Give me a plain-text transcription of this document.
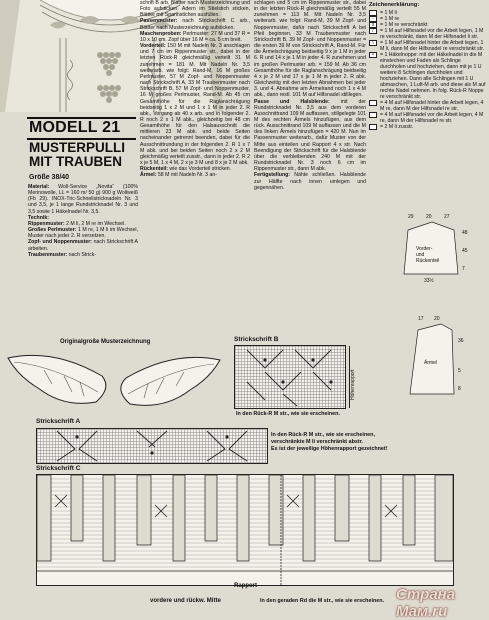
MODELL 21
MUSTERPULLI
MIT TRAUBEN
Größe 38/40

Material: Woll-Service „Novita“ (100% Merinowolle, LL = 160 m/ 50 g) 900 g Wollweiß (Fb 29). INOX-Tric-Schnellstricknadeln Nr. 3 und 3,5, je 1 lange Rundstricknadel Nr. 3 und 3,5 sowie 1 Häkelnadel Nr. 3,5.

Technik:

Rippenmuster: 2 M li, 2 M re im Wechsel.

Großes Perlmuster: 1 M re, 1 M li im Wechsel, Muster nach jeder 2. R versetzen.

Zopf- und Noppenmuster: nach Strickschrift A arbeiten.

Traubenmuster: nach Strick-

schrift B arb. Blätter nach Musterzeichnung und Foto aufsticken. Adern im Stielstich sticken, Blätter mit Spannstichen ausfüllen.

Passenmuster: nach Strickschrift C arb., Blätter nach Musterzeichnung aufsticken.

Maschenproben: Perlmuster: 27 M und 37 R = 10 x 10 cm. Zopf über 16 M = ca. 5 cm breit.

Vorderteil: 150 M mit Nadeln Nr. 3 anschlagen und 7 cm im Rippenmuster str., dabei in der letzten Rück-R gleichmäßig verteilt 31 M zunehmen = 181 M. Mit Nadeln Nr. 3,5 weiterarb. wie folgt: Rand-M, 16 M großes Perlmuster, 57 M Zopf- und Noppenmuster nach Strickschrift A, 33 M Traubenmuster nach Strickschrift B, 57 M Zopf- und Noppenmuster, 16 M großes Perlmuster, Rand-M. Ab 45 cm Gesamthöhe für die Raglanschrägung beidseitig 1 x 2 M und 1 x 1 M in jeder 2. R abk., Vorgang ab 40 x arb. und in folgender 2. R noch 2 x 1 M abk., gleichzeitig bei 48 cm Gesamthöhe für den Halsausschnitt die mittleren 23 M abk. und beide Seiten nacheinander getrennt beenden, dabei für die Ausschnittrundung in der folgenden 2. R 1 x 7 M abk. und bei beiden Seiten noch 2 x 2 M gleichmäßig verteilt zusstr., dann in jeder 2. R 2 x je 5 M, 1 x 4 M, 2 x je 3 M und 8 x je 2 M abk.

Rückenteil: wie das Vorderteil stricken.

Ärmel: 58 M mit Nadeln Nr. 3 an-

schlagen und 5 cm im Rippenmuster str., dabei in der letzten Rück-R gleichmäßig verteilt 55 M zunehmen = 113 M. Mit Nadeln Nr. 3,5 weiterarb. wie folgt: Rand-M, 39 M Zopf- und Noppenmuster, dafür nach Strickschrift A bei Pfeil beginnen, 33 M Traubenmuster nach Strickschrift B, 39 M Zopf- und Noppenmuster = die ersten 39 M von Strickschrift A, Rand-M. Für die Ärmelschrägung beidseitig 9 x je 1 M in jeder 6. R und 14 x je 1 M in jeder 4. R zunehmen und im großen Perlmuster arb. = 159 M. Ab 36 cm Gesamthöhe für die Raglanschrägung beidseitig 4 x je 2 M und 17 x je 1 M in jeder 2. R abk. Gleichzeitig mit den letzten Abnahmen bei jeder 3. und 4. Abnahme am Ärmelrand noch 1 x 4 M abk., dann restl. 101 M auf Hilfsnadel stilllegen.

Passe und Halsblende: mit der Rundstricknadel Nr. 3,5 aus dem vorderen Ausschnittrand 109 M auffassen, stillgelegte 101 M des rechten Ärmels hinzufügen, aus dem rück. Ausschnittrand 109 M auffassen und die M des linken Ärmels hinzufügen = 420 M. Nun im Passenmuster weiterarb., dafür Muster von der Mitte aus einteilen und Rapport 4 x str. Nach Beendigung der Strickschrift für die Halsblende über die verbleibenden 240 M mit der Rundstricknadel Nr. 3 noch 6 cm im Rippenmuster str., dann M abk.

Fertigstellung: Nähte schließen. Halsblende zur Hälfte nach innen umlegen und gegennähen.

Zeichenerklärung:
= 1 M li
-	= 1 M re
x	= 1 M re verschränkt
/	= 1 M auf Hilfsnadel vor die Arbeit legen, 1 M re verschränkt, dann M der Hilfsnadel li str.
\	= 1 M auf Hilfsnadel hinter die Arbeit legen, 1 M li, dann M der Hilfsnadel re verschränkt str.
•	= 1 Häkelnoppe: mit der Häkelnadel in die M einstechen und Faden als Schlinge durchholen und hochziehen, dann mit je 1 U weitere 8 Schlingen durchholen und hochziehen. Dann alle Schlingen mit 1 U abmaschen, 1 Luft-M arb. und diese als M auf rechte Nadel nehmen. In folg. Rück-R Noppe re verschränkt str.
= 4 M auf Hilfsnadel hinter die Arbeit legen, 4 M re, dann M der Hilfsnadel re str.
= 4 M auf Hilfsnadel vor die Arbeit legen, 4 M re, dann M der Hilfsnadel re str.
= 2 M li zusstr.
Vorder-
und
Rückenteil
Ärmel
29 20 27
48
45
7
33½
17 20
36
5
8
Originalgroße Musterzeichnung	Strickschrift B
Höhenrapport
In den Rück-R M str., wie sie erscheinen.
Strickschrift A
In den Rück-R M str., wie sie erscheinen,
verschränkte M li verschränkt abstr.
Es ist der jeweilige Höhenrapport gezeichnet!
Strickschrift C
Rapport
vordere und rückw. Mitte	In den geraden Rd die M str., wie sie erscheinen. Страна Мам.ru
